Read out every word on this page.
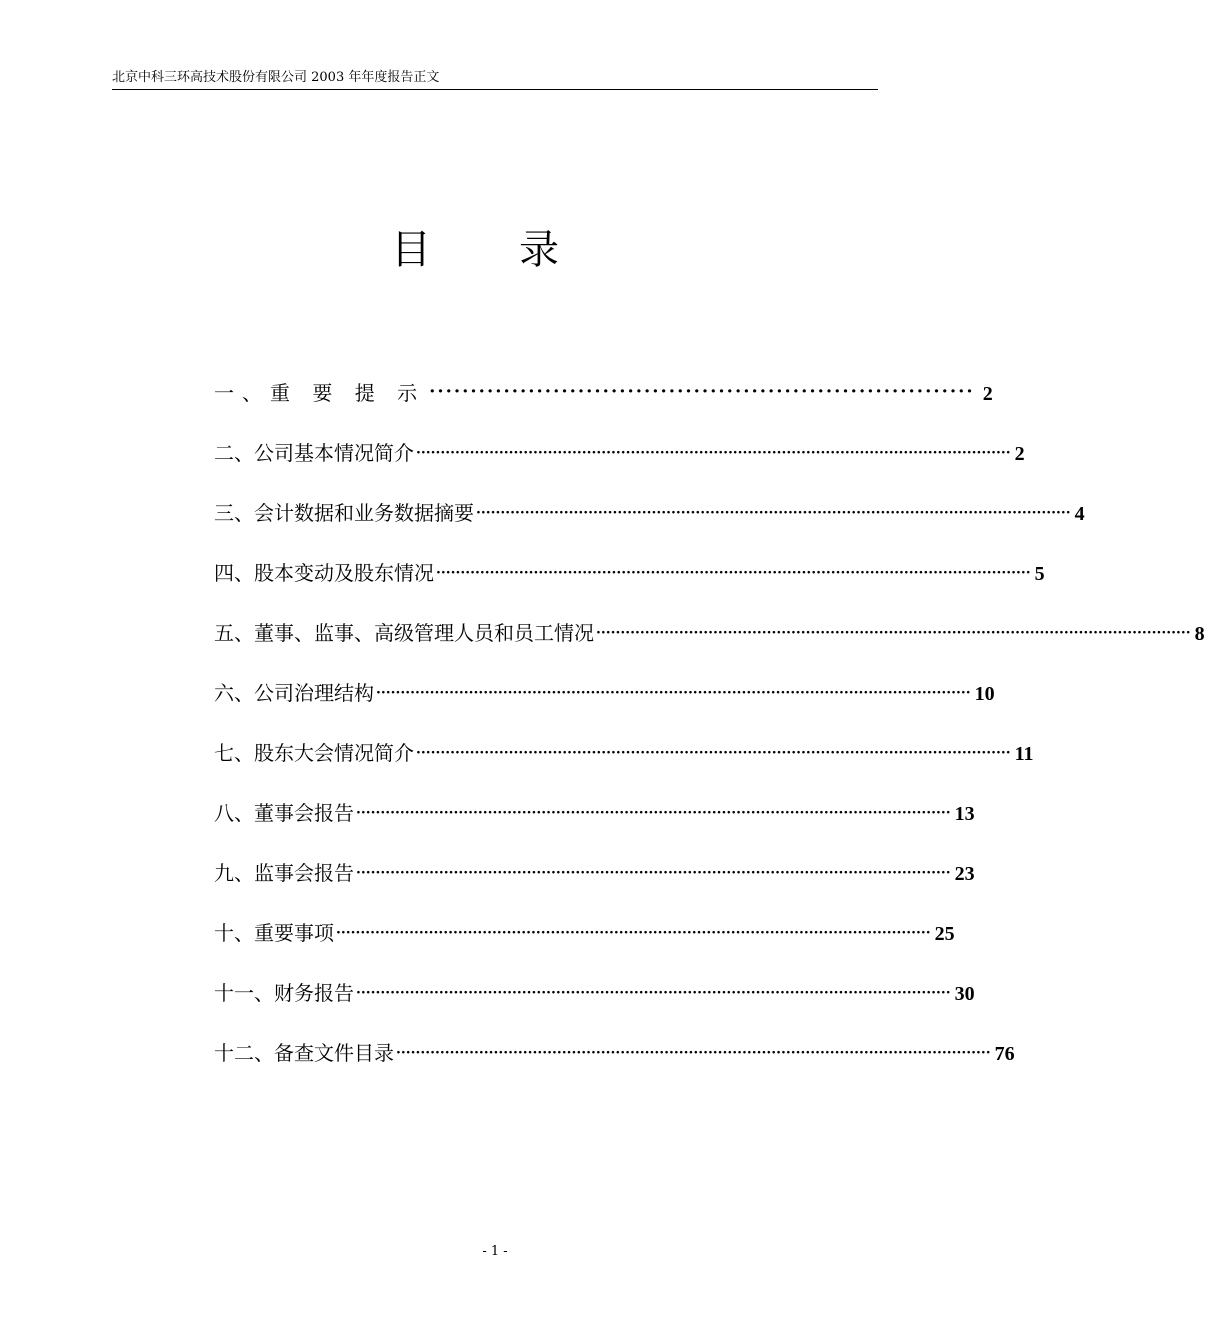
北京中科三环高技术股份有限公司 2003 年年度报告正文
目 录
一、重 要 提 示 ·································································· 2
二、公司基本情况简介 ·························································································································· 2
三、会计数据和业务数据摘要 ·························································································································· 4
四、股本变动及股东情况 ·························································································································· 5
五、董事、监事、高级管理人员和员工情况 ·························································································································· 8
六、公司治理结构 ·························································································································· 10
七、股东大会情况简介 ·························································································································· 11
八、董事会报告 ·························································································································· 13
九、监事会报告 ·························································································································· 23
十、重要事项 ·························································································································· 25
十一、财务报告 ·························································································································· 30
十二、备查文件目录 ·························································································································· 76
- 1 -
